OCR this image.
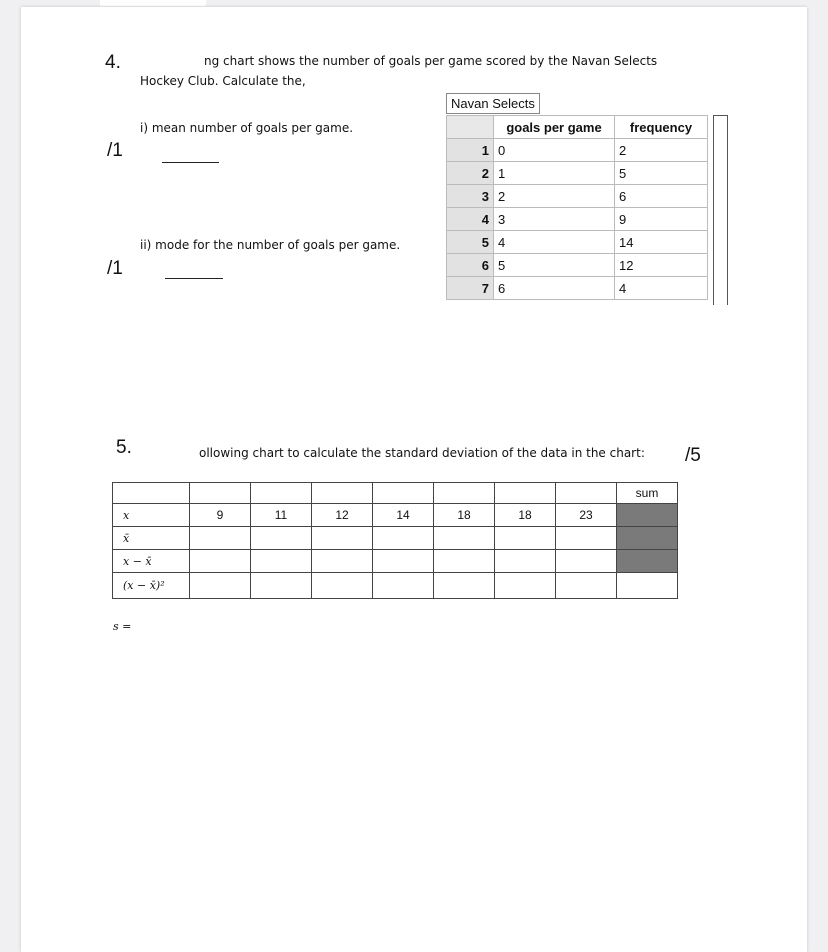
4.	ng chart shows the number of goals per game scored by the Navan Selects
Hockey Club. Calculate the,
i) mean number of goals per game.
/1
ii) mode for the number of goals per game.
/1
Navan Selects
	goals per game	frequency
1	0	2
2	1	5
3	2	6
4	3	9
5	4	14
6	5	12
7	6	4
5.	ollowing chart to calculate the standard deviation of the data in the chart: /5
								sum
x	9	11	12	14	18	18	23	
x̄								
x − x̄								
(x − x̄)²								
s =
